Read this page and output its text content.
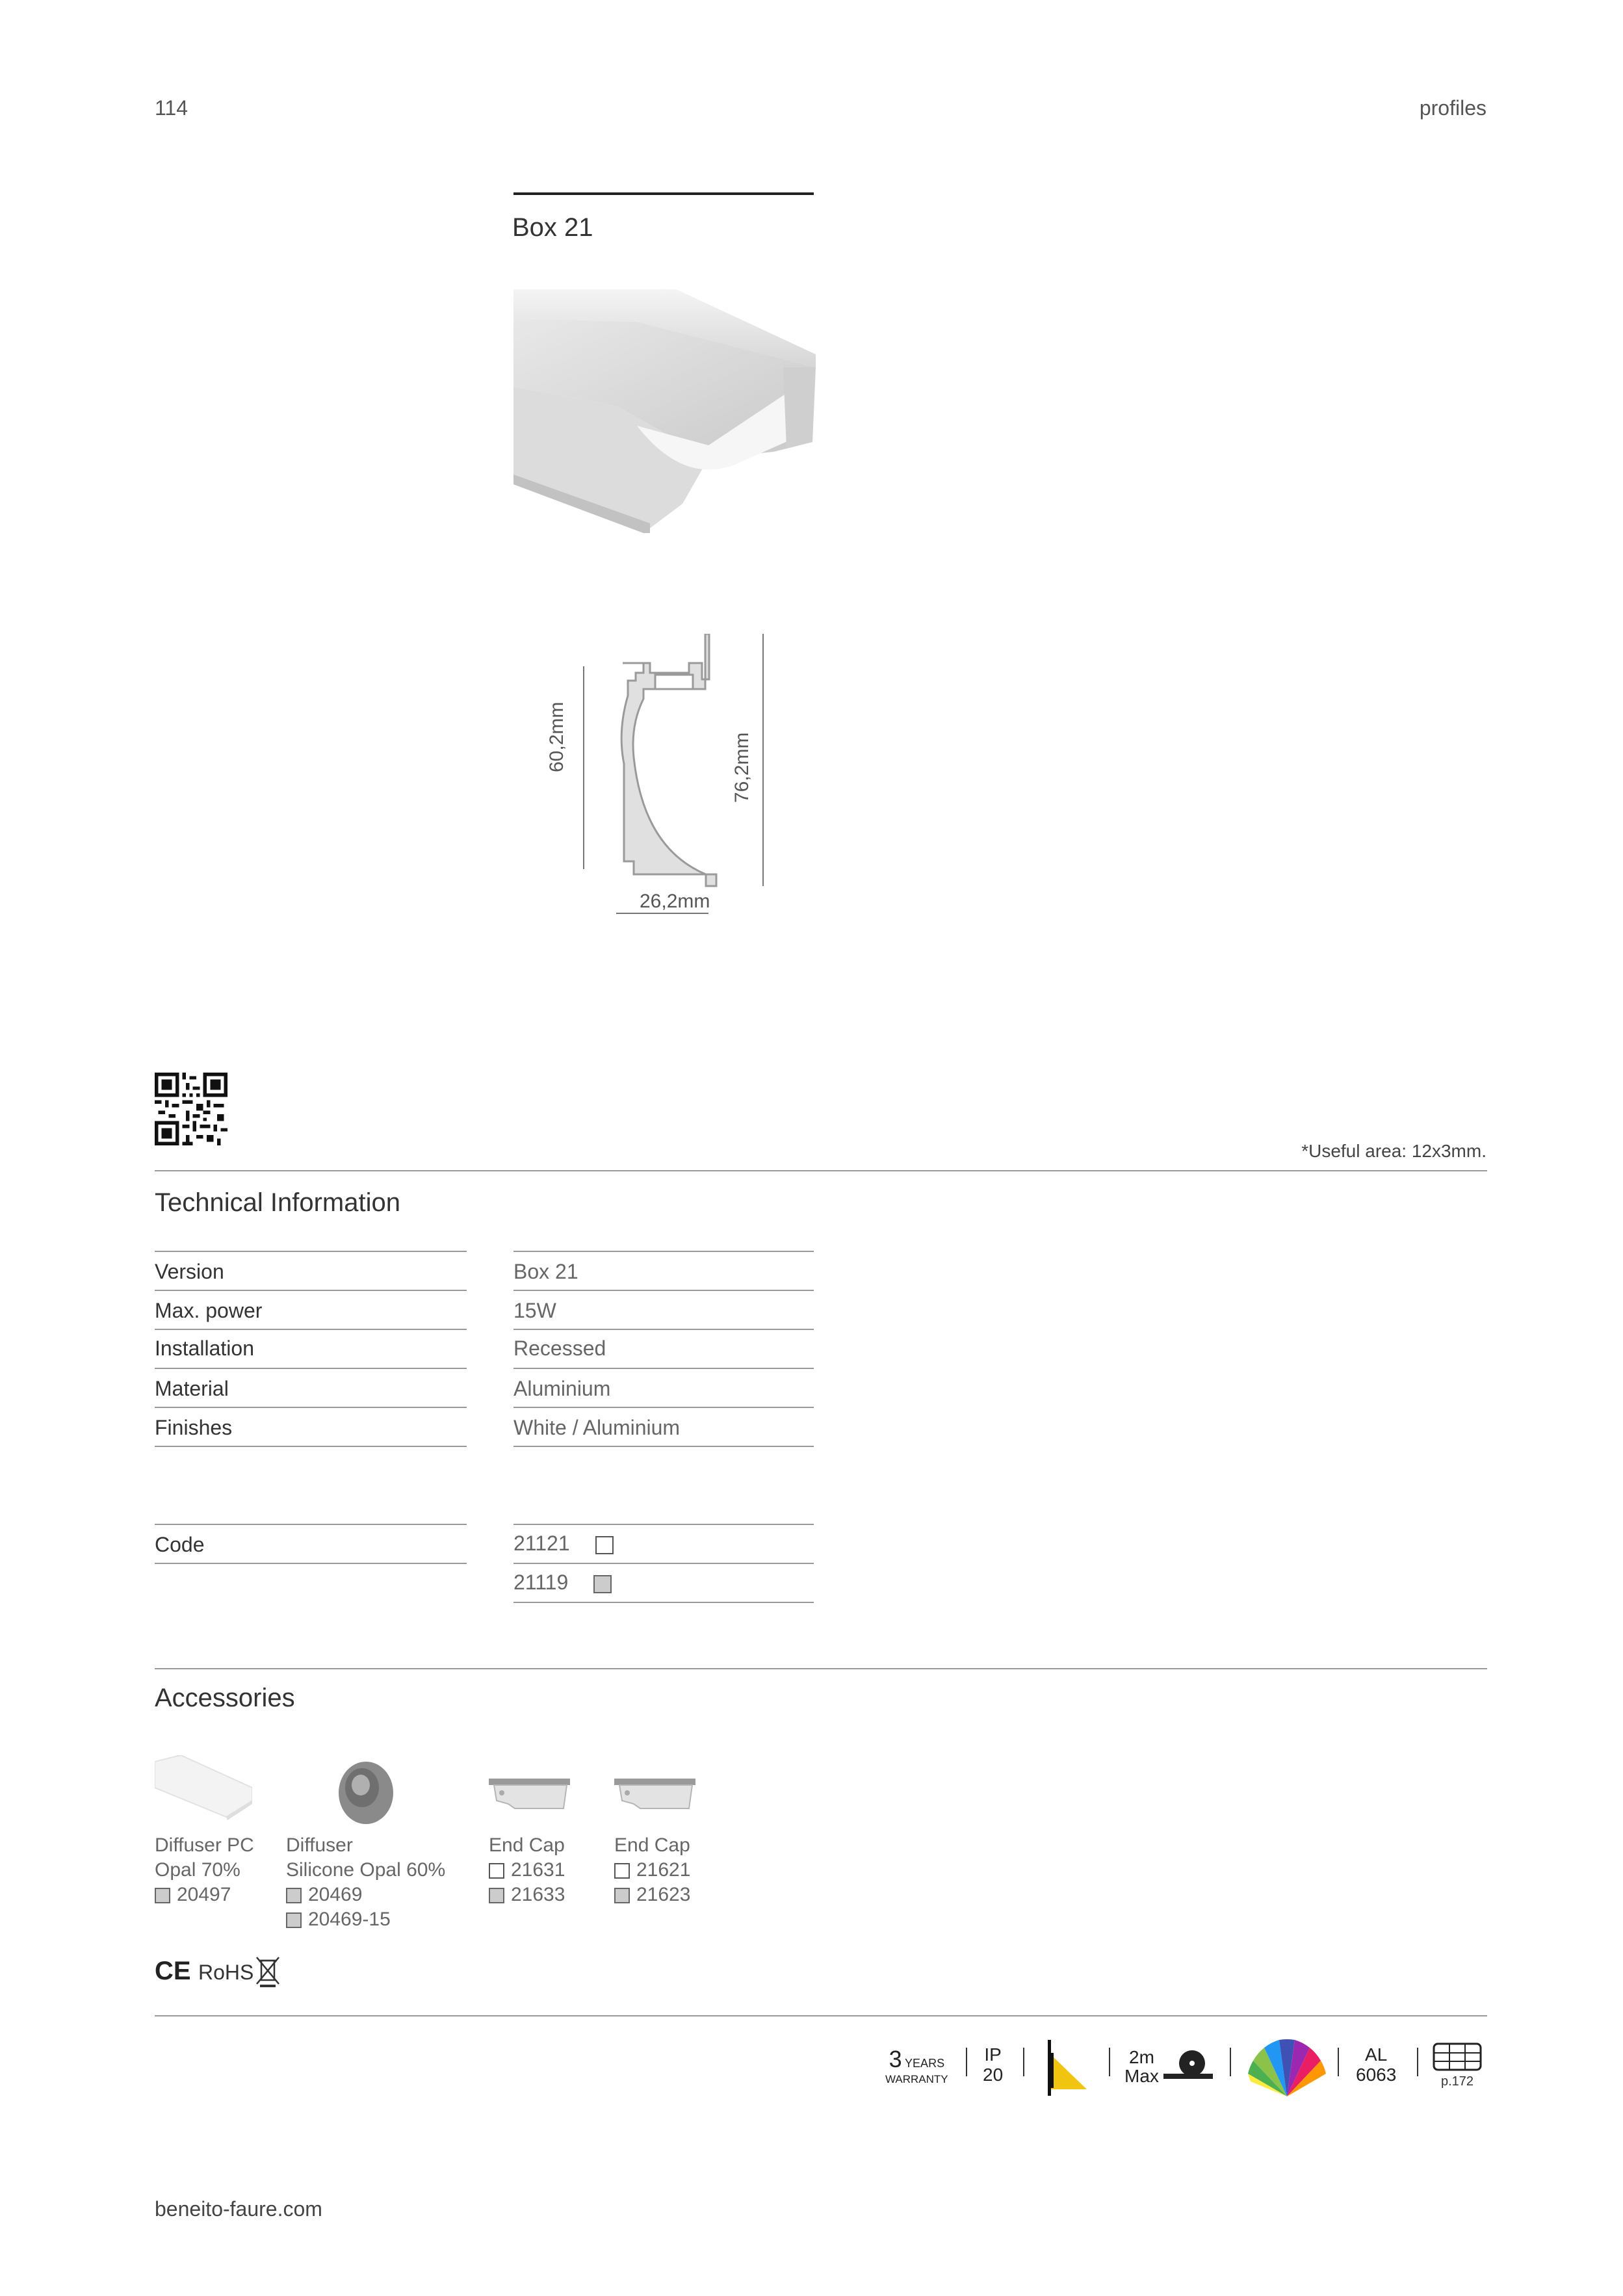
114	profiles
Box 21
60,2mm	76,2mm
26,2mm
*Useful area: 12x3mm.
Technical Information
Version	Box 21
Max. power	15W
Installation	Recessed
Material	Aluminium
Finishes	White / Aluminium
Code	21121
21119
Accessories
Diffuser PC
Opal 70%
20497
Diffuser
Silicone Opal 60%
20469
20469-15
End Cap
21631
21633
End Cap
21621
21623
CE RoHS
3 YEARS
WARRANTY
IP
20
2m
Max
AL
6063	p.172
beneito-faure.com
